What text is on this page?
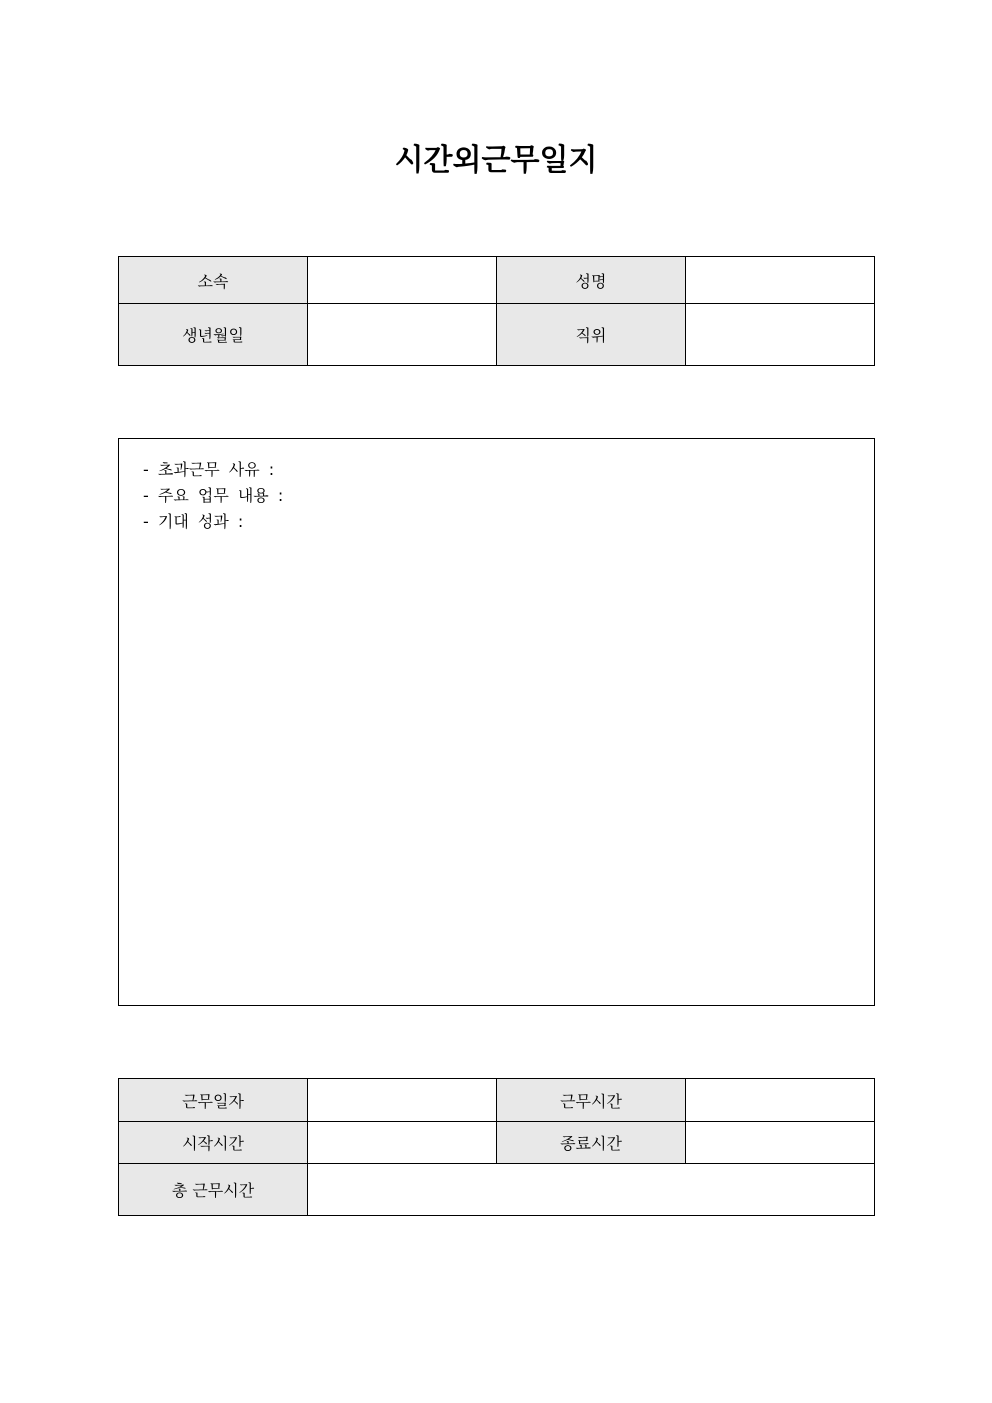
시간외근무일지
소속		성명	
생년월일		직위	
- 초과근무 사유 :
- 주요 업무 내용 :
- 기대 성과 :
근무일자		근무시간	
시작시간		종료시간	
총 근무시간			
